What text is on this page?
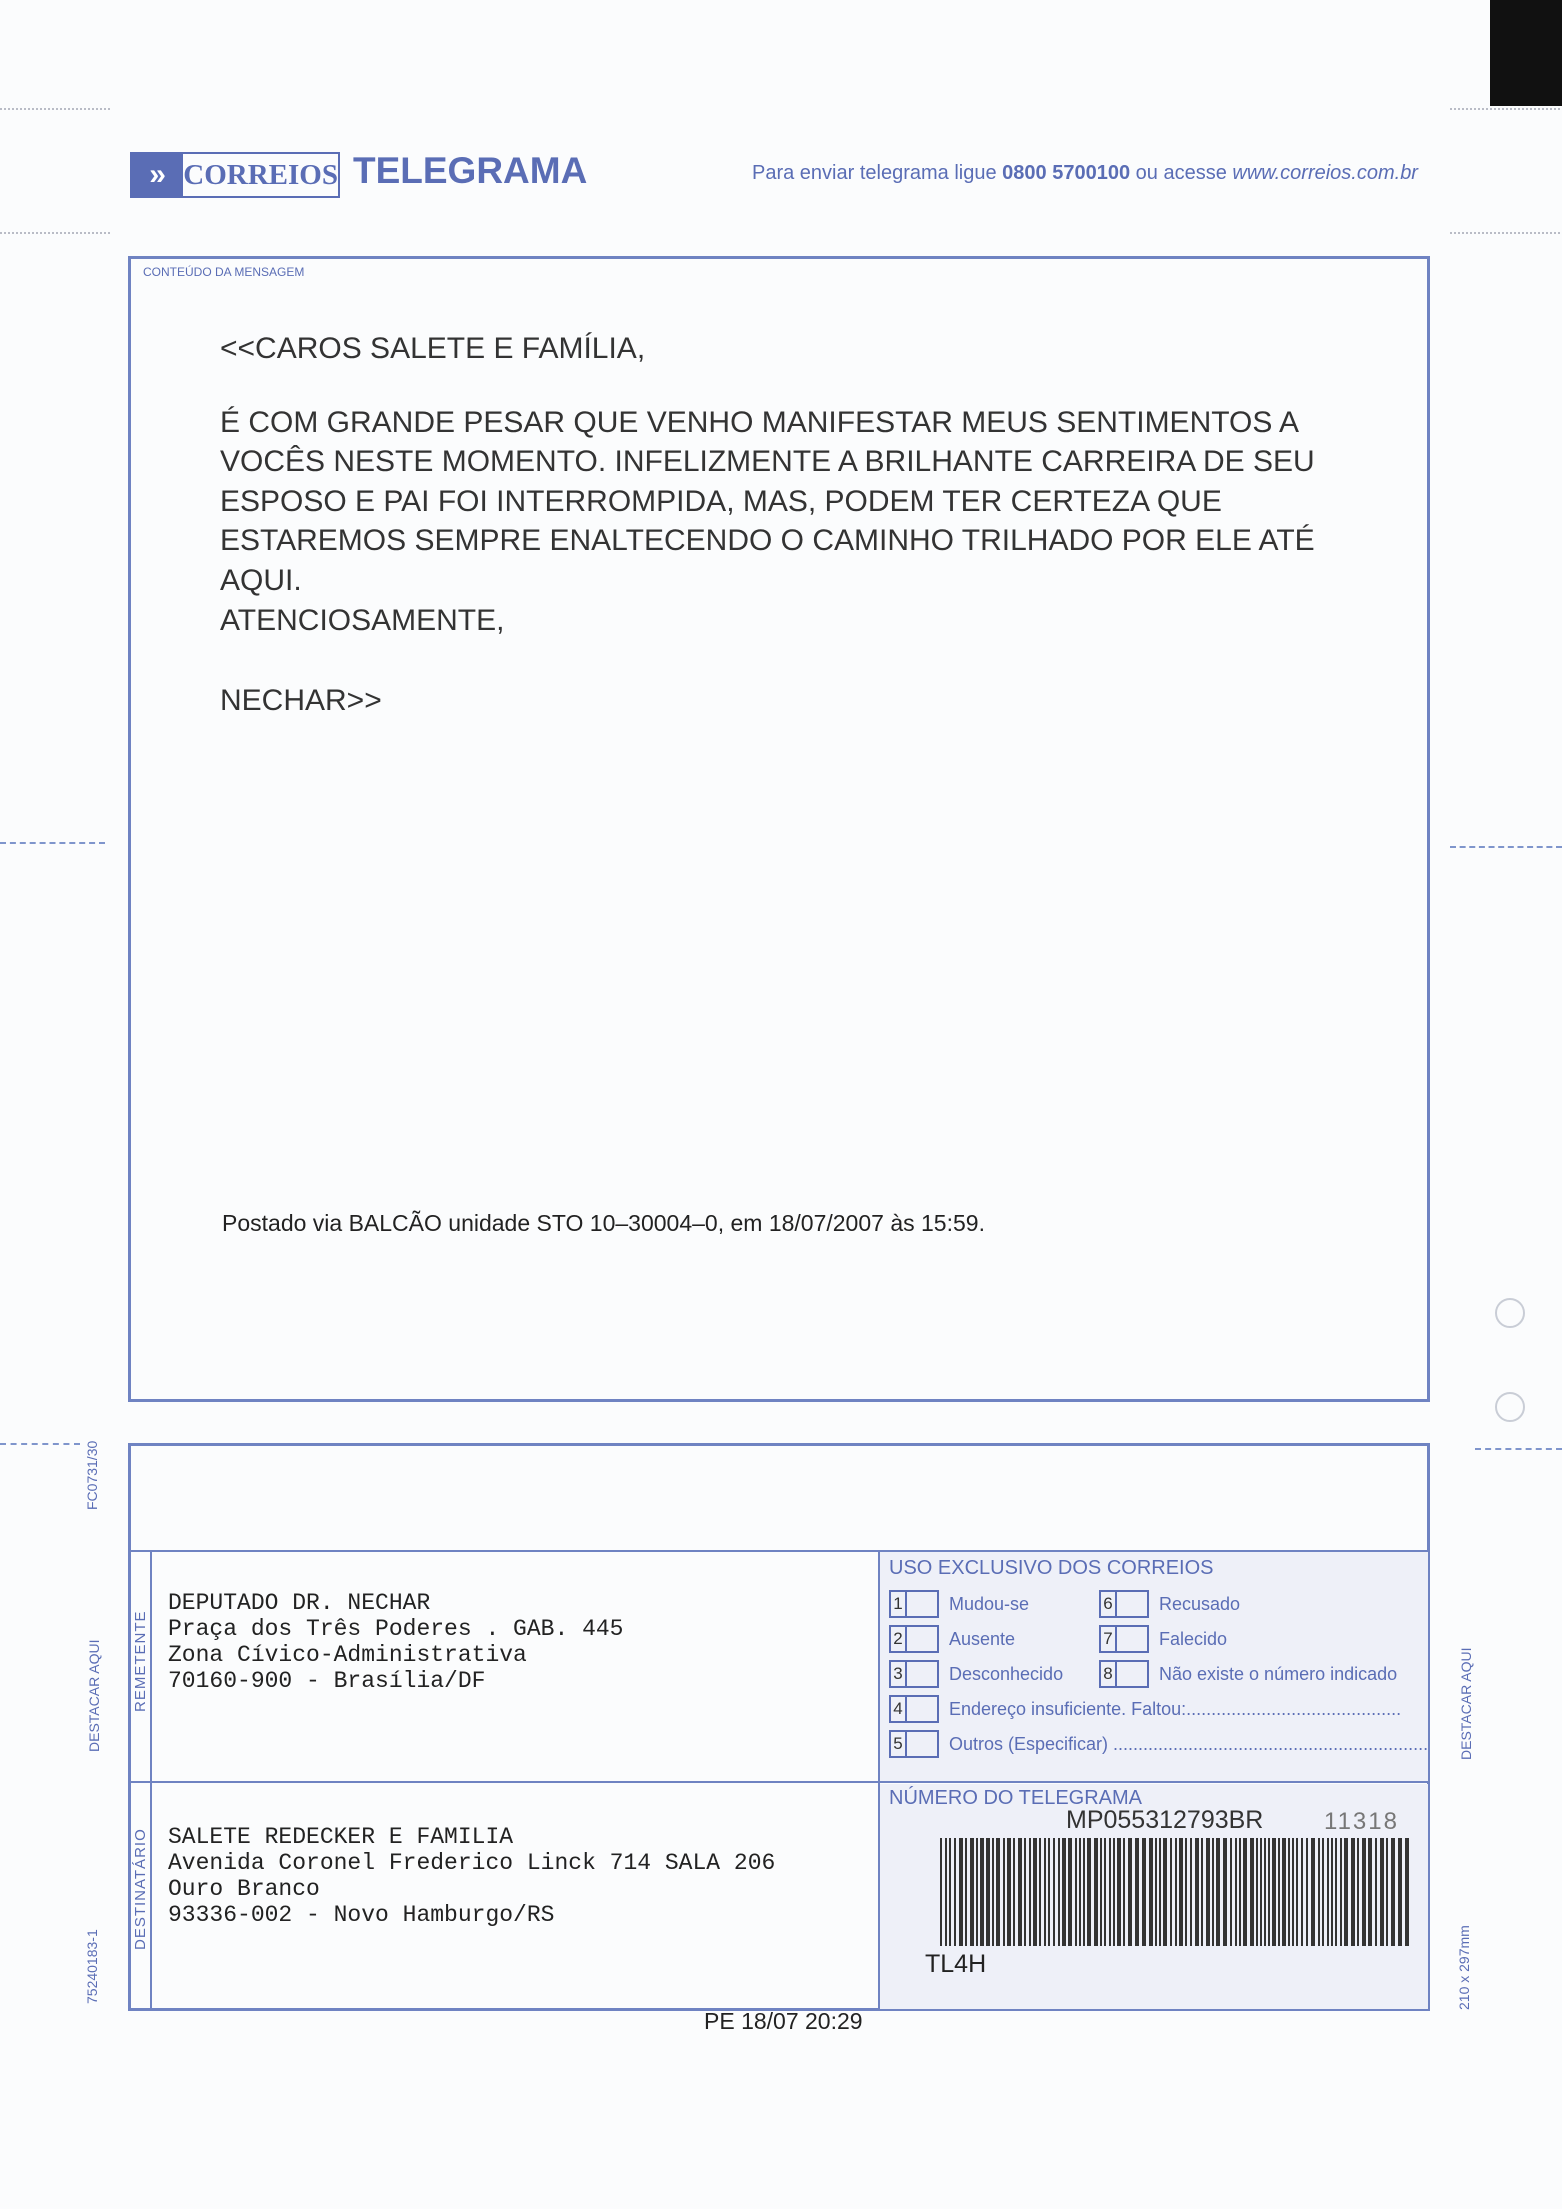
» CORREIOS TELEGRAMA	Para enviar telegrama ligue 0800 5700100 ou acesse www.correios.com.br
CONTEÚDO DA MENSAGEM
<<CAROS SALETE E FAMÍLIA,
É COM GRANDE PESAR QUE VENHO MANIFESTAR MEUS SENTIMENTOS A
VOCÊS NESTE MOMENTO. INFELIZMENTE A BRILHANTE CARREIRA DE SEU
ESPOSO E PAI FOI INTERROMPIDA, MAS, PODEM TER CERTEZA QUE
ESTAREMOS SEMPRE ENALTECENDO O CAMINHO TRILHADO POR ELE ATÉ
AQUI.
ATENCIOSAMENTE,
NECHAR>>
Postado via BALCÃO unidade STO 10–30004–0, em 18/07/2007 às 15:59.
REMETENTE
DESTINATÁRIO
DEPUTADO DR. NECHAR
Praça dos Três Poderes . GAB. 445
Zona Cívico-Administrativa
70160-900 - Brasília/DF
SALETE REDECKER E FAMILIA
Avenida Coronel Frederico Linck 714 SALA 206
Ouro Branco
93336-002 - Novo Hamburgo/RS
USO EXCLUSIVO DOS CORREIOS
1	Mudou-se	6	Recusado
2	Ausente	7	Falecido
3	Desconhecido 8	Não existe o número indicado
4	Endereço insuficiente. Faltou:...........................................
5	Outros (Especificar) ...............................................................
NÚMERO DO TELEGRAMA
MP055312793BR	11318
TL4H
FC0731/30
DESTACAR AQUI	DESTACAR AQUI
75240183-1	210 x 297mm
PE 18/07 20:29
